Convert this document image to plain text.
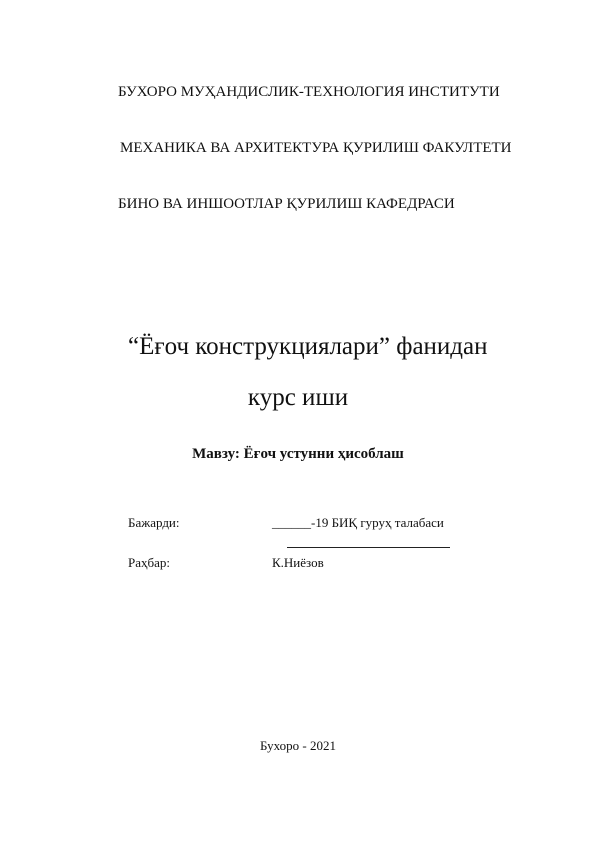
БУХОРО МУҲАНДИСЛИК-ТЕХНОЛОГИЯ ИНСТИТУТИ
МЕХАНИКА ВА АРХИТЕКТУРА ҚУРИЛИШ ФАКУЛТЕТИ
БИНО ВА ИНШООТЛАР ҚУРИЛИШ КАФЕДРАСИ
“Ёғоч конструкциялари” фанидан
курс иши
Мавзу: Ёғоч устунни ҳисоблаш
Бажарди:	______-19 БИҚ гуруҳ талабаси
Раҳбар:	К.Ниёзов
Бухоро - 2021
